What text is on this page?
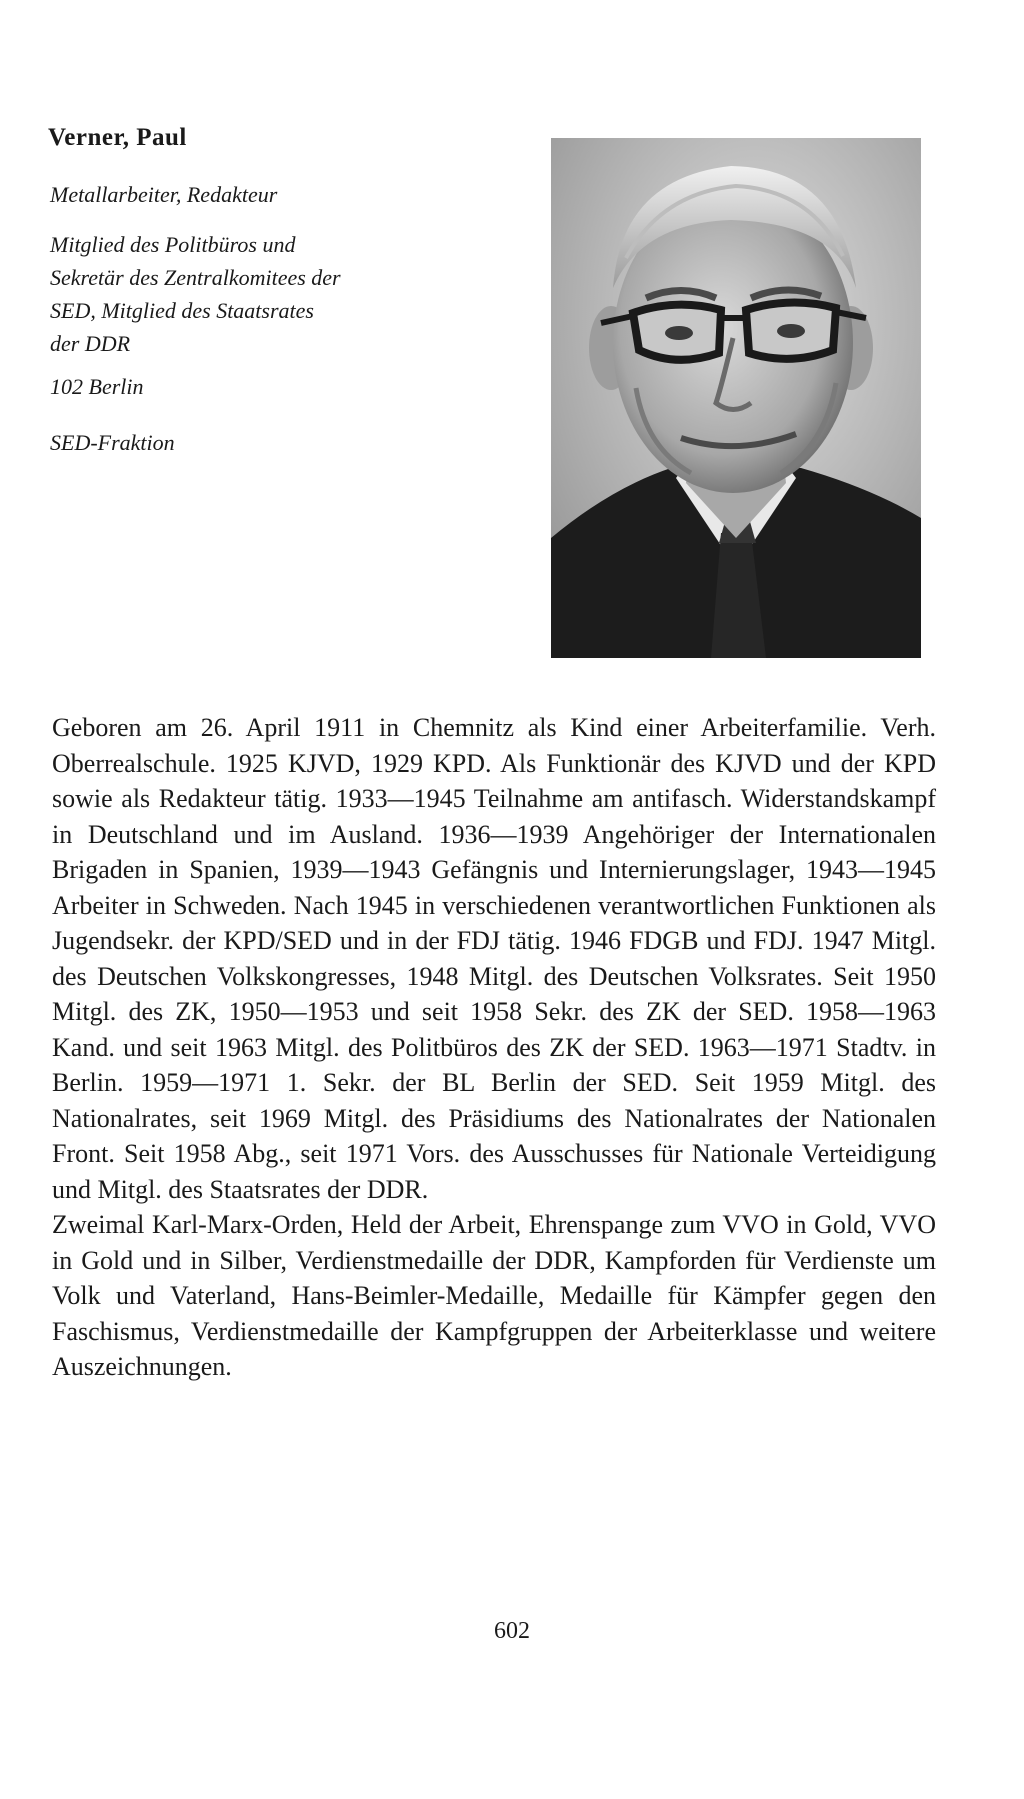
Verner, Paul
Metallarbeiter, Redakteur
Mitglied des Politbüros und
Sekretär des Zentralkomitees der
SED, Mitglied des Staatsrates
der DDR
102 Berlin
SED-Fraktion

Geboren am 26. April 1911 in Chemnitz als Kind einer Arbeiterfamilie. Verh. Oberrealschule. 1925 KJVD, 1929 KPD. Als Funktionär des KJVD und der KPD sowie als Redakteur tätig. 1933—1945 Teilnahme am antifasch. Widerstandskampf in Deutschland und im Ausland. 1936—1939 Angehöriger der Internationalen Brigaden in Spanien, 1939—1943 Gefängnis und Internierungslager, 1943—1945 Arbeiter in Schweden. Nach 1945 in verschiedenen verantwortlichen Funktionen als Jugendsekr. der KPD/SED und in der FDJ tätig. 1946 FDGB und FDJ. 1947 Mitgl. des Deutschen Volkskongresses, 1948 Mitgl. des Deutschen Volksrates. Seit 1950 Mitgl. des ZK, 1950—1953 und seit 1958 Sekr. des ZK der SED. 1958—1963 Kand. und seit 1963 Mitgl. des Politbüros des ZK der SED. 1963—1971 Stadtv. in Berlin. 1959—1971 1. Sekr. der BL Berlin der SED. Seit 1959 Mitgl. des Nationalrates, seit 1969 Mitgl. des Präsidiums des Nationalrates der Nationalen Front. Seit 1958 Abg., seit 1971 Vors. des Ausschusses für Nationale Verteidigung und Mitgl. des Staatsrates der DDR.

Zweimal Karl-Marx-Orden, Held der Arbeit, Ehrenspange zum VVO in Gold, VVO in Gold und in Silber, Verdienstmedaille der DDR, Kampforden für Verdienste um Volk und Vaterland, Hans-Beimler-Medaille, Medaille für Kämpfer gegen den Faschismus, Verdienstmedaille der Kampfgruppen der Arbeiterklasse und weitere Auszeichnungen.

602
